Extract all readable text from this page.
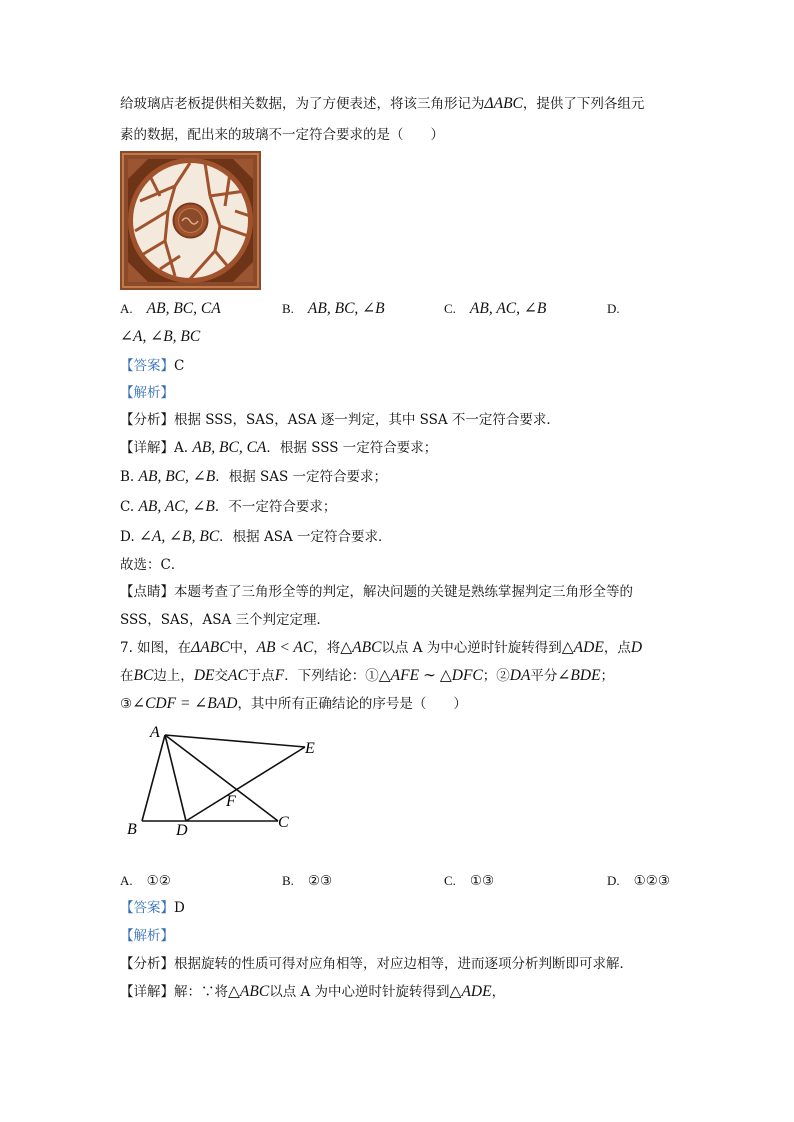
给玻璃店老板提供相关数据，为了方便表述，将该三角形记为ΔABC，提供了下列各组元
素的数据，配出来的玻璃不一定符合要求的是（　　）
A. AB, BC, CA	B. AB, BC, ∠B	C. AB, AC, ∠B	D.
∠A, ∠B, BC
【答案】C
【解析】
【分析】根据 SSS，SAS，ASA 逐一判定，其中 SSA 不一定符合要求．
【详解】A. AB, BC, CA．根据 SSS 一定符合要求；
B. AB, BC, ∠B．根据 SAS 一定符合要求；
C. AB, AC, ∠B．不一定符合要求；
D. ∠A, ∠B, BC．根据 ASA 一定符合要求．
故选：C．
【点睛】本题考查了三角形全等的判定，解决问题的关键是熟练掌握判定三角形全等的
SSS，SAS，ASA 三个判定定理．
7. 如图，在ΔABC中，AB < AC，将△ABC以点 A 为中心逆时针旋转得到△ADE，点D
在BC边上，DE交AC于点F．下列结论：①△AFE ∼ △DFC；②DA平分∠BDE；
③∠CDF = ∠BAD，其中所有正确结论的序号是（　　）
A
B	C
D
E
F
A. ①②	B. ②③	C. ①③	D. ①②③
【答案】D
【解析】
【分析】根据旋转的性质可得对应角相等，对应边相等，进而逐项分析判断即可求解．
【详解】解：∵将△ABC以点 A 为中心逆时针旋转得到△ADE，
